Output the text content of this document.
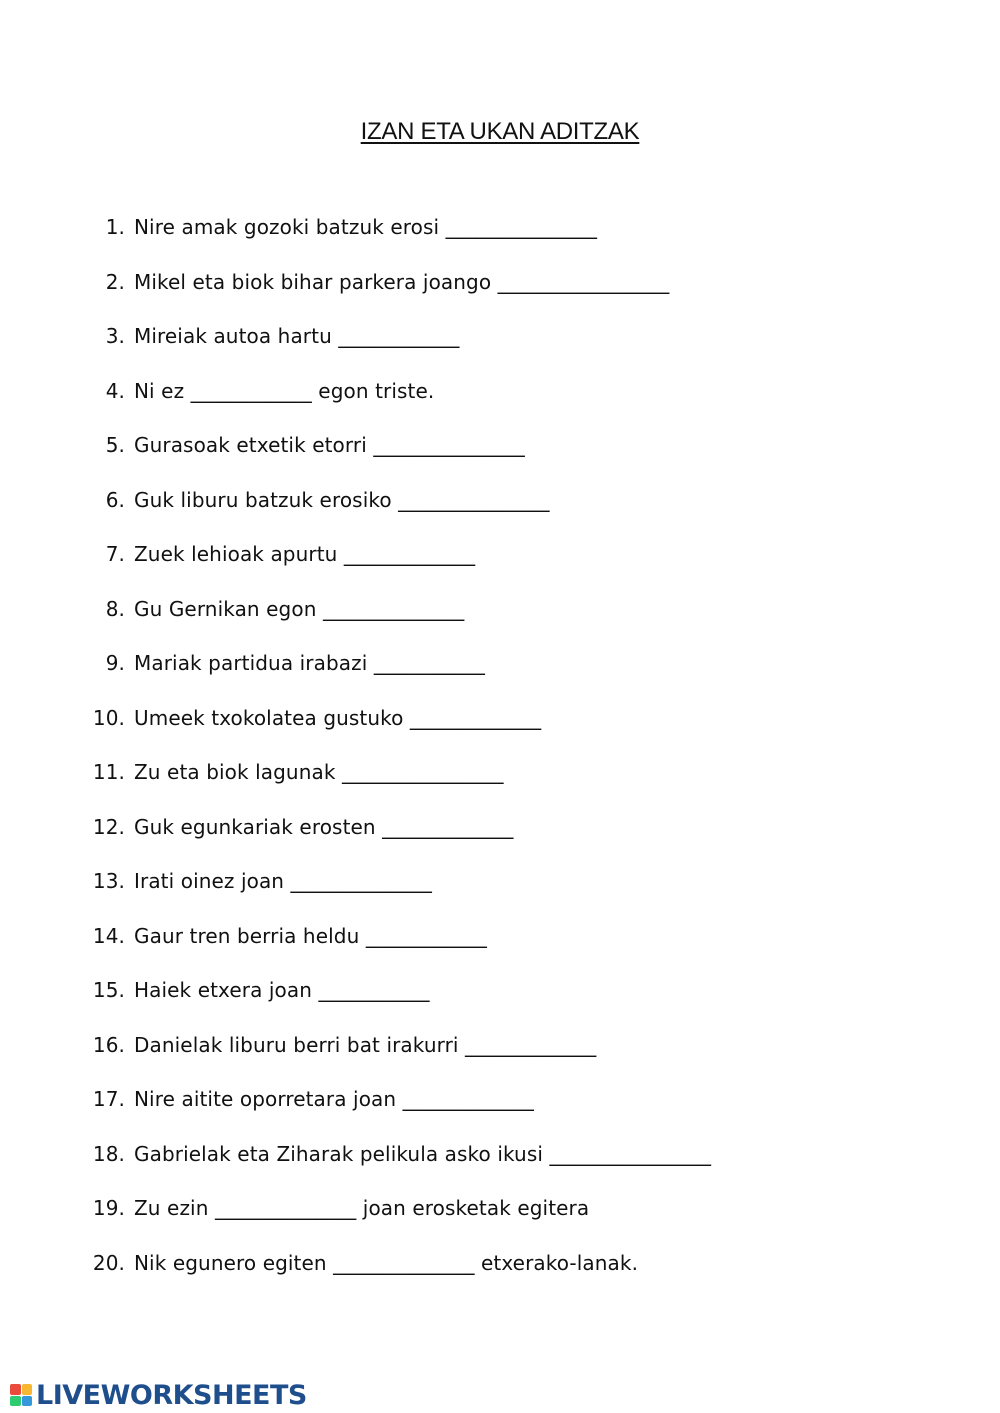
IZAN ETA UKAN ADITZAK
1. Nire amak gozoki batzuk erosi _______________
2. Mikel eta biok bihar parkera joango _________________
3. Mireiak autoa hartu ____________
4. Ni ez ____________ egon triste.
5. Gurasoak etxetik etorri _______________
6. Guk liburu batzuk erosiko _______________
7. Zuek lehioak apurtu _____________
8. Gu Gernikan egon ______________
9. Mariak partidua irabazi ___________
10. Umeek txokolatea gustuko _____________
11. Zu eta biok lagunak ________________
12. Guk egunkariak erosten _____________
13. Irati oinez joan ______________
14. Gaur tren berria heldu ____________
15. Haiek etxera joan ___________
16. Danielak liburu berri bat irakurri _____________
17. Nire aitite oporretara joan _____________
18. Gabrielak eta Ziharak pelikula asko ikusi ________________
19. Zu ezin ______________ joan erosketak egitera
20. Nik egunero egiten ______________ etxerako-lanak.
LIVEWORKSHEETS
